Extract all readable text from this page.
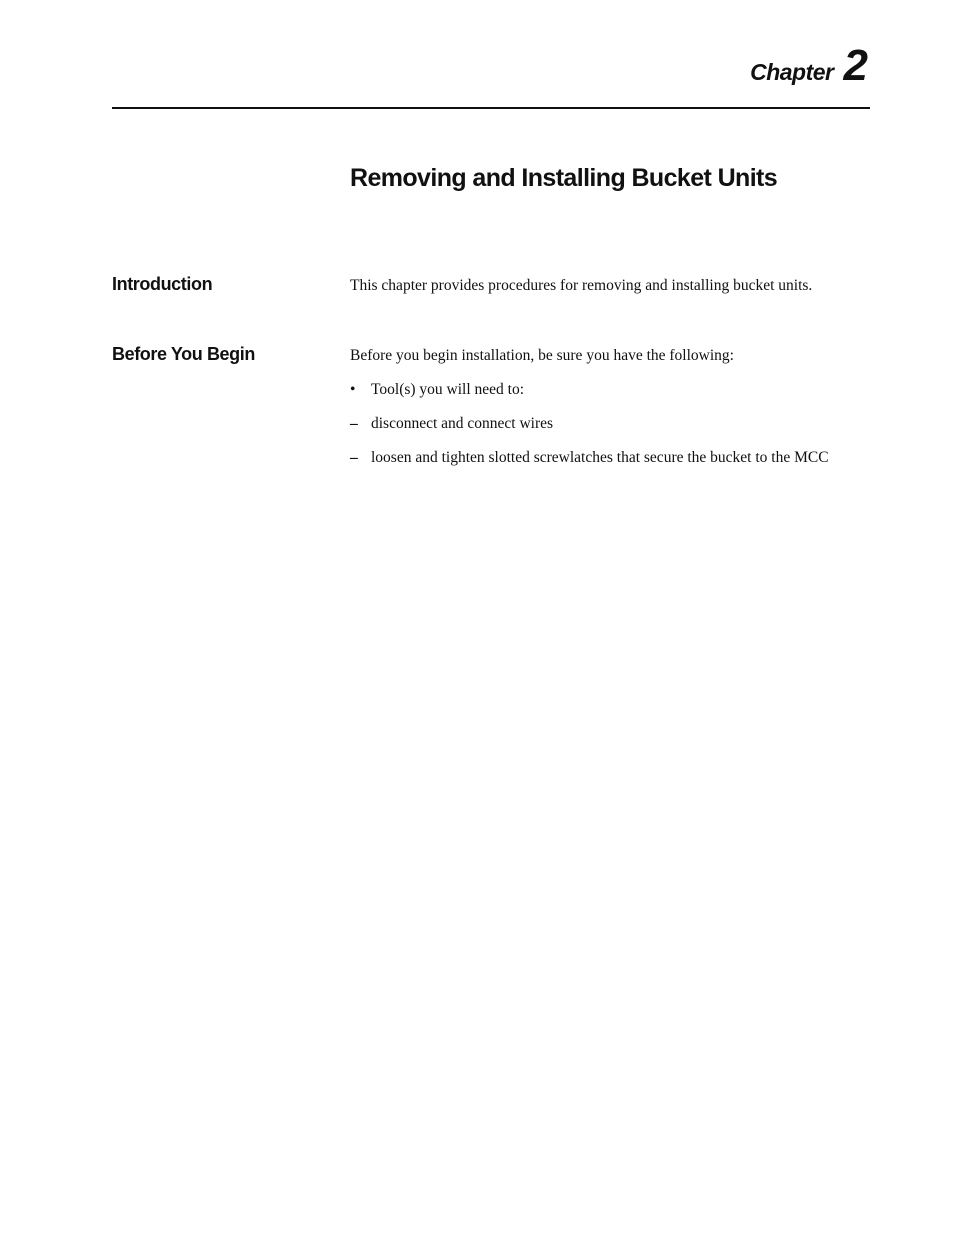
Chapter 2
Removing and Installing Bucket Units
Introduction	This chapter provides procedures for removing and installing bucket units.

Before You Begin	Before you begin installation, be sure you have the following:

•	Tool(s) you will need to:
– disconnect and connect wires
– loosen and tighten slotted screwlatches that secure the bucket to the MCC
